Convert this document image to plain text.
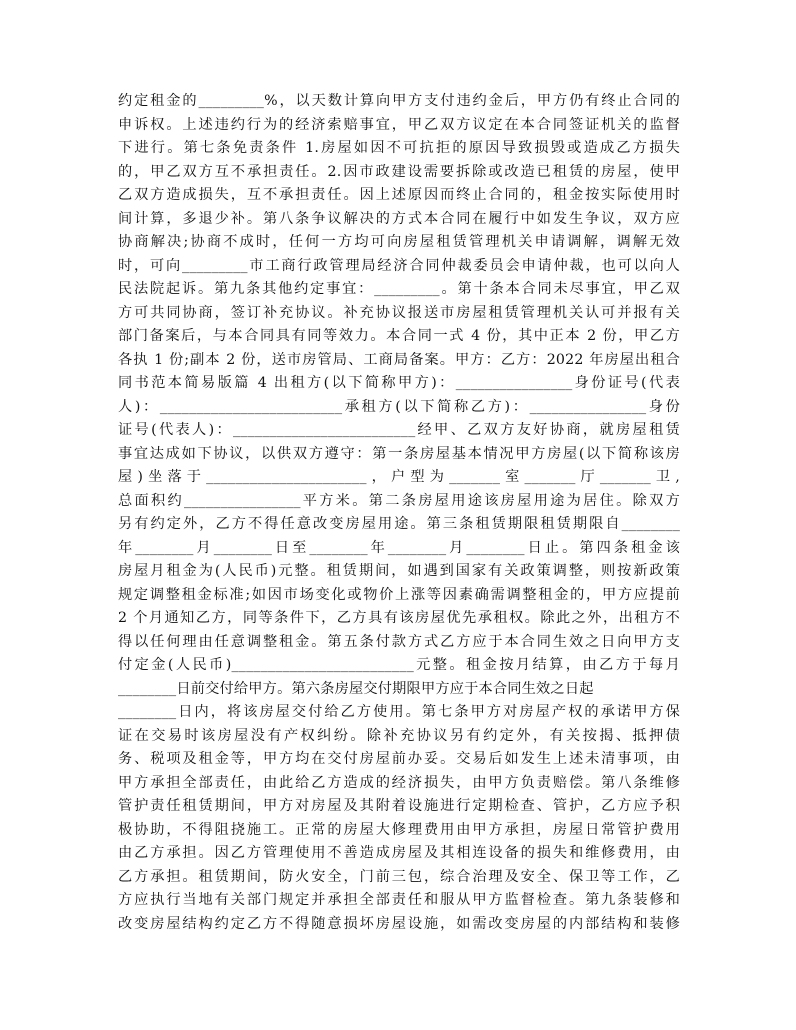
约定租金的_________%，以天数计算向甲方支付违约金后，甲方仍有终止合同的
申诉权。上述违约行为的经济索赔事宜，甲乙双方议定在本合同签证机关的监督
下进行。第七条免责条件 1.房屋如因不可抗拒的原因导致损毁或造成乙方损失
的，甲乙双方互不承担责任。2.因市政建设需要拆除或改造已租赁的房屋，使甲
乙双方造成损失，互不承担责任。因上述原因而终止合同的，租金按实际使用时
间计算，多退少补。第八条争议解决的方式本合同在履行中如发生争议，双方应
协商解决;协商不成时，任何一方均可向房屋租赁管理机关申请调解，调解无效
时，可向_________市工商行政管理局经济合同仲裁委员会申请仲裁，也可以向人
民法院起诉。第九条其他约定事宜：_________。第十条本合同未尽事宜，甲乙双
方可共同协商，签订补充协议。补充协议报送市房屋租赁管理机关认可并报有关
部门备案后，与本合同具有同等效力。本合同一式 4 份，其中正本 2 份，甲乙方
各执 1 份;副本 2 份，送市房管局、工商局备案。甲方：乙方：2022 年房屋出租合
同书范本简易版篇 4 出租方(以下简称甲方)：________________身份证号(代表
人)：_________________________承租方(以下简称乙方)：________________身份
证号(代表人)：_________________________经甲、乙双方友好协商，就房屋租赁
事宜达成如下协议，以供双方遵守：第一条房屋基本情况甲方房屋(以下简称该房
屋)坐落于______________________，户型为_______室_______厅_______卫,
总面积约________________平方米。第二条房屋用途该房屋用途为居住。除双方
另有约定外，乙方不得任意改变房屋用途。第三条租赁期限租赁期限自________
年________月________日至________年________月________日止。第四条租金该
房屋月租金为(人民币)元整。租赁期间，如遇到国家有关政策调整，则按新政策
规定调整租金标准;如因市场变化或物价上涨等因素确需调整租金的，甲方应提前
2 个月通知乙方，同等条件下，乙方具有该房屋优先承租权。除此之外，出租方不
得以任何理由任意调整租金。第五条付款方式乙方应于本合同生效之日向甲方支
付定金(人民币)_________________________元整。租金按月结算，由乙方于每月
________日前交付给甲方。第六条房屋交付期限甲方应于本合同生效之日起
________日内，将该房屋交付给乙方使用。第七条甲方对房屋产权的承诺甲方保
证在交易时该房屋没有产权纠纷。除补充协议另有约定外，有关按揭、抵押债
务、税项及租金等，甲方均在交付房屋前办妥。交易后如发生上述未清事项，由
甲方承担全部责任，由此给乙方造成的经济损失，由甲方负责赔偿。第八条维修
管护责任租赁期间，甲方对房屋及其附着设施进行定期检查、管护，乙方应予积
极协助，不得阻挠施工。正常的房屋大修理费用由甲方承担，房屋日常管护费用
由乙方承担。因乙方管理使用不善造成房屋及其相连设备的损失和维修费用，由
乙方承担。租赁期间，防火安全，门前三包，综合治理及安全、保卫等工作，乙
方应执行当地有关部门规定并承担全部责任和服从甲方监督检查。第九条装修和
改变房屋结构约定乙方不得随意损坏房屋设施，如需改变房屋的内部结构和装修
